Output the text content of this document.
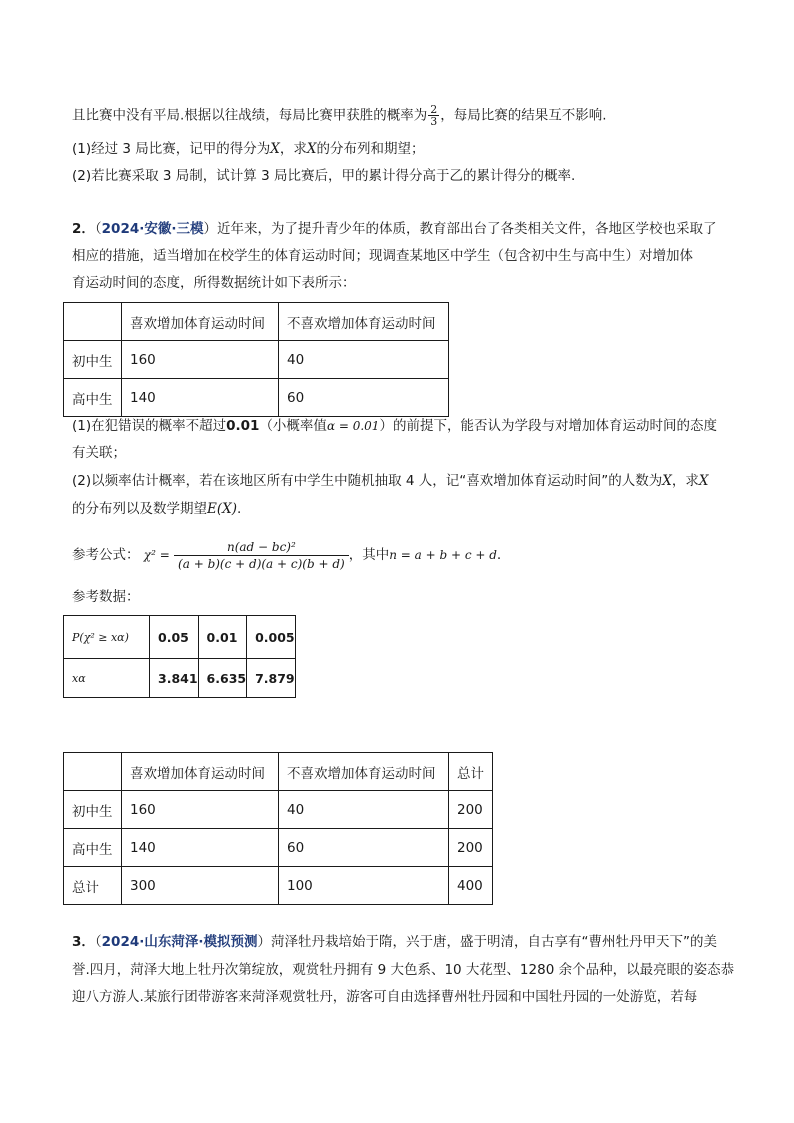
且比赛中没有平局.根据以往战绩，每局比赛甲获胜的概率为 $\frac{2}{3}$ ，每局比赛的结果互不影响.
(1)经过 3 局比赛，记甲的得分为X，求X的分布列和期望；
(2)若比赛采取 3 局制，试计算 3 局比赛后，甲的累计得分高于乙的累计得分的概率.
2．（2024·安徽·三模）近年来，为了提升青少年的体质，教育部出台了各类相关文件，各地区学校也采取了
相应的措施，适当增加在校学生的体育运动时间；现调查某地区中学生（包含初中生与高中生）对增加体
育运动时间的态度，所得数据统计如下表所示：
	喜欢增加体育运动时间	不喜欢增加体育运动时间
初中生	160	40
高中生	140	60
(1)在犯错误的概率不超过0.01（小概率值α = 0.01）的前提下，能否认为学段与对增加体育运动时间的态度
有关联；
(2)以频率估计概率，若在该地区所有中学生中随机抽取 4 人，记“喜欢增加体育运动时间”的人数为X，求X
的分布列以及数学期望E(X).
参考公式： $\chi^2 = \frac{\text{n(ad − bc)²}}{(a + b)(c + d)(a + c)(b + d)}$ ，其中n = a + b + c + d.
参考数据：
P(χ² ≥ xα)	0.05	0.01	0.005
xα	3.841	6.635	7.879
	喜欢增加体育运动时间	不喜欢增加体育运动时间	总计
初中生	160	40	200
高中生	140	60	200
总计	300	100	400
3．（2024·山东菏泽·模拟预测）菏泽牡丹栽培始于隋，兴于唐，盛于明清，自古享有“曹州牡丹甲天下”的美
誉.四月，菏泽大地上牡丹次第绽放，观赏牡丹拥有 9 大色系、10 大花型、1280 余个品种，以最亮眼的姿态恭
迎八方游人.某旅行团带游客来菏泽观赏牡丹，游客可自由选择曹州牡丹园和中国牡丹园的一处游览，若每
